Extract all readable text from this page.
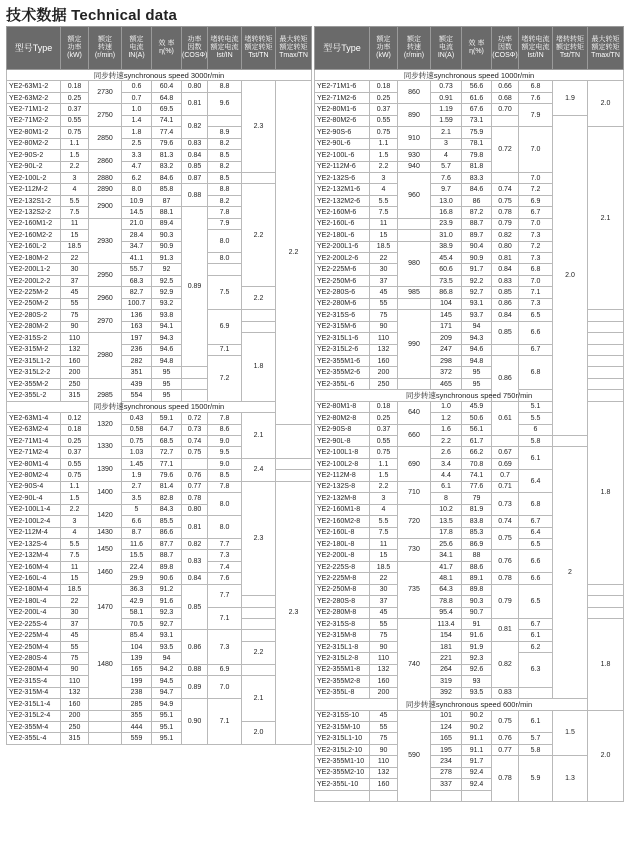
技术数据 Technical data
型号Type	额定
功率
(kW)	额定
转速
(r/min)	额定
电流
IN(A)	效 率
η(%)	功率
因数
(COSΦ)	堵转电流
额定电流
Ist/IN	堵转转矩
额定转矩
Tst/TN	最大转矩
额定转矩
Tmax/TN	

同步转速synchronous speed 3000r/min									
YE2-63M1-2	0.18	2730	0.6	60.4	0.80	8.8	2.3	2.2	
YE2-63M2-2	0.25		0.7	64.8	0.81	9.6			
YE2-71M1-2	0.37	2750	1.0	69.5					
YE2-71M2-2	0.55		1.4	74.1	0.82				
YE2-80M1-2	0.75	2850	1.8	77.4		8.9			
YE2-80M2-2	1.1		2.5	79.6	0.83	8.2			
YE2-90S-2	1.5	2860	3.3	81.3	0.84	8.5			
YE2-90L-2	2.2		4.7	83.2	0.85	8.2			
YE2-100L-2	3	2880	6.2	84.6	0.87	8.5			
YE2-112M-2	4	2890	8.0	85.8	0.88	8.8	2.2		
YE2-132S1-2	5.5	2900	10.9	87		8.2			
YE2-132S2-2	7.5		14.5	88.1	0.89	7.8			
YE2-160M1-2	11	2930	21.0	89.4		7.9			
YE2-160M2-2	15		28.4	90.3		8.0			
YE2-160L-2	18.5		34.7	90.9					
YE2-180M-2	22		41.1	91.3		8.0			
YE2-200L1-2	30	2950	55.7	92					
YE2-200L2-2	37		68.3	92.5		7.5			
YE2-225M-2	45	2960	82.7	92.9			2.2		
YE2-250M-2	55		100.7	93.2					
YE2-280S-2	75	2970	136	93.8		6.9			
YE2-280M-2	90		163	94.1					
YE2-315S-2	110	2980	197	94.3			1.8		
YE2-315M-2	132		236	94.6		7.1			
YE2-315L1-2	160		282	94.8		7.2			
YE2-315L2-2	200		351	95					
YE2-355M-2	250	2985	439	95					
YE2-355L-2	315		554	95					
同步转速synchronous speed 1500r/min									
YE2-63M1-4	0.12	1320	0.43	59.1	0.72	7.8	2.1	
YE2-63M2-4	0.18		0.58	64.7	0.73	8.6			
YE2-71M1-4	0.25	1330	0.75	68.5	0.74	9.0			
YE2-71M2-4	0.37		1.03	72.7	0.75	9.5			
YE2-80M1-4	0.55	1390	1.45	77.1		9.0	2.4		
YE2-80M2-4	0.75		1.9	79.6	0.76	8.5			
YE2-90S-4	1.1	1400	2.7	81.4	0.77	7.8	2.3	2.3	
YE2-90L-4	1.5		3.5	82.8	0.78	8.0			
YE2-100L1-4	2.2	1420	5	84.3	0.80				
YE2-100L2-4	3		6.6	85.5	0.81	8.0			
YE2-112M-4	4	1430	8.7	86.6					
YE2-132S-4	5.5	1450	11.6	87.7	0.82	7.7			
YE2-132M-4	7.5		15.5	88.7	0.83	7.3			
YE2-160M-4	11	1460	22.4	89.8		7.4			
YE2-160L-4	15		29.9	90.6	0.84	7.6			
YE2-180M-4	18.5	1470	36.3	91.2	0.85	7.7			
YE2-180L-4	22		42.9	91.6					
YE2-200L-4	30		58.1	92.3		7.1			
YE2-225S-4	37		70.5	92.7					
YE2-225M-4	45	1480	85.4	93.1	0.86	7.3			
YE2-250M-4	55		104	93.5			2.2		
YE2-280S-4	75		139	94					
YE2-280M-4	90		165	94.2	0.88	6.9			
YE2-315S-4	110		199	94.5	0.89	7.0	2.1		
YE2-315M-4	132		238	94.7					
YE2-315L1-4	160		285	94.9	0.90	7.1			
YE2-315L2-4	200		355	95.1					
YE2-355M-4	250		444	95.1			2.0		
YE2-355L-4	315		559	95.1					
型号Type	额定
功率
(kW)	额定
转速
(r/min)	额定
电流
IN(A)	效 率
η(%)	功率
因数
(COSΦ)	堵转电流
额定电流
Ist/IN	堵转转矩
额定转矩
Tst/TN	最大转矩
额定转矩
Tmax/TN	

同步转速synchronous speed 1000r/min									
YE2-71M1-6	0.18	860	0.73	56.6	0.66	6.8	1.9	2.0	
YE2-71M2-6	0.25		0.91	61.6	0.68	7.6			
YE2-80M1-6	0.37	890	1.19	67.6	0.70	7.9			
YE2-80M2-6	0.55		1.59	73.1			2.0		
YE2-90S-6	0.75	910	2.1	75.9	0.72	7.0		2.1	
YE2-90L-6	1.1		3	78.1					
YE2-100L-6	1.5	930	4	79.8					
YE2-112M-6	2.2	940	5.7	81.8					
YE2-132S-6	3	960	7.6	83.3		7.0			
YE2-132M1-6	4		9.7	84.6	0.74	7.2			
YE2-132M2-6	5.5		13.0	86	0.75	6.9			
YE2-160M-6	7.5		16.8	87.2	0.78	6.7			
YE2-160L-6	11		23.9	88.7	0.79	7.0			
YE2-180L-6	15		31.0	89.7	0.82	7.3			
YE2-200L1-6	18.5	980	38.9	90.4	0.80	7.2			
YE2-200L2-6	22		45.4	90.9	0.81	7.3			
YE2-225M-6	30		60.6	91.7	0.84	6.8			
YE2-250M-6	37		73.5	92.2	0.83	7.0			
YE2-280S-6	45	985	86.8	92.7	0.85	7.1			
YE2-280M-6	55		104	93.1	0.86	7.3			
YE2-315S-6	75	990	145	93.7	0.84	6.5			
YE2-315M-6	90		171	94	0.85	6.6			
YE2-315L1-6	110		209	94.3					
YE2-315L2-6	132		247	94.6		6.7			
YE2-355M1-6	160		298	94.8	0.86	6.8			
YE2-355M2-6	200		372	95					
YE2-355L-6	250		465	95					
同步转速synchronous speed 750r/min									
YE2-80M1-8	0.18	640	1.0	45.9	0.61	5.1		1.8	
YE2-80M2-8	0.25		1.2	50.6		5.5			
YE2-90S-8	0.37	660	1.6	56.1		6			
YE2-90L-8	0.55		2.2	61.7		5.8			
YE2-100L1-8	0.75	690	2.6	66.2	0.67	6.1	2		
YE2-100L2-8	1.1		3.4	70.8	0.69				
YE2-112M-8	1.5		4.4	74.1	0.7	6.4			
YE2-132S-8	2.2	710	6.1	77.6	0.71				
YE2-132M-8	3		8	79	0.73	6.8			
YE2-160M1-8	4	720	10.2	81.9					
YE2-160M2-8	5.5		13.5	83.8	0.74	6.7			
YE2-160L-8	7.5		17.8	85.3	0.75	6.4			
YE2-180L-8	11	730	25.6	86.9		6.5			
YE2-200L-8	15		34.1	88	0.76	6.6			
YE2-225S-8	18.5	735	41.7	88.6					
YE2-225M-8	22		48.1	89.1	0.78	6.6			
YE2-250M-8	30		64.3	89.8	0.79	6.5			
YE2-280S-8	37		78.8	90.3					
YE2-280M-8	45		95.4	90.7					
YE2-315S-8	55	740	113.4	91	0.81	6.7		1.8	
YE2-315M-8	75		154	91.6		6.1			
YE2-315L1-8	90		181	91.9	0.82	6.2			
YE2-315L2-8	110		221	92.3		6.3			
YE2-355M1-8	132		264	92.6					
YE2-355M2-8	160		319	93					
YE2-355L-8	200		392	93.5	0.83				
同步转速synchronous speed 600r/min									
YE2-315S-10	45	590	101	90.2	0.75	6.1	1.5	2.0	
YE2-315M-10	55		124	90.2					
YE2-315L1-10	75		165	91.1	0.76	5.7			
YE2-315L2-10	90		195	91.1	0.77	5.8			
YE2-355M1-10	110		234	91.7	0.78	5.9	1.3		
YE2-355M2-10	132		278	92.4					
YE2-355L-10	160		337	92.4					
